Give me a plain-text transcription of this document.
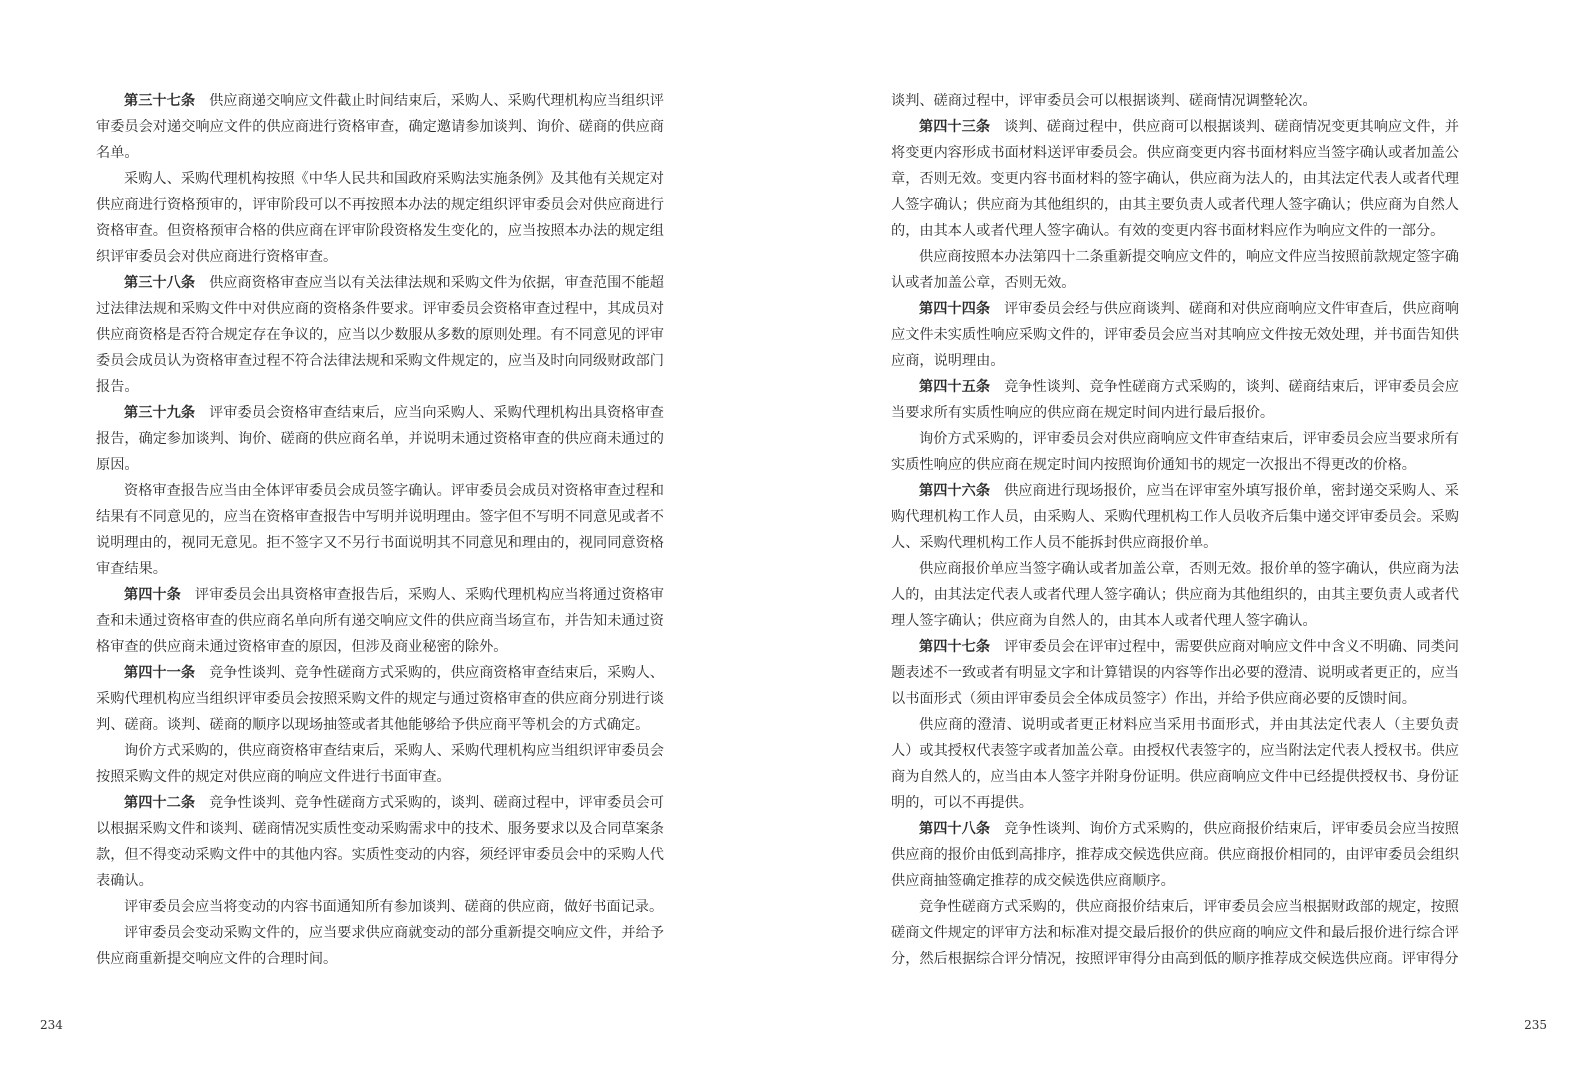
第三十七条 供应商递交响应文件截止时间结束后，采购人、采购代理机构应当组织评审委员会对递交响应文件的供应商进行资格审查，确定邀请参加谈判、询价、磋商的供应商名单。

采购人、采购代理机构按照《中华人民共和国政府采购法实施条例》及其他有关规定对供应商进行资格预审的，评审阶段可以不再按照本办法的规定组织评审委员会对供应商进行资格审查。但资格预审合格的供应商在评审阶段资格发生变化的，应当按照本办法的规定组织评审委员会对供应商进行资格审查。

第三十八条 供应商资格审查应当以有关法律法规和采购文件为依据，审查范围不能超过法律法规和采购文件中对供应商的资格条件要求。评审委员会资格审查过程中，其成员对供应商资格是否符合规定存在争议的，应当以少数服从多数的原则处理。有不同意见的评审委员会成员认为资格审查过程不符合法律法规和采购文件规定的，应当及时向同级财政部门报告。

第三十九条 评审委员会资格审查结束后，应当向采购人、采购代理机构出具资格审查报告，确定参加谈判、询价、磋商的供应商名单，并说明未通过资格审查的供应商未通过的原因。

资格审查报告应当由全体评审委员会成员签字确认。评审委员会成员对资格审查过程和结果有不同意见的，应当在资格审查报告中写明并说明理由。签字但不写明不同意见或者不说明理由的，视同无意见。拒不签字又不另行书面说明其不同意见和理由的，视同同意资格审查结果。

第四十条 评审委员会出具资格审查报告后，采购人、采购代理机构应当将通过资格审查和未通过资格审查的供应商名单向所有递交响应文件的供应商当场宣布，并告知未通过资格审查的供应商未通过资格审查的原因，但涉及商业秘密的除外。

第四十一条 竞争性谈判、竞争性磋商方式采购的，供应商资格审查结束后，采购人、采购代理机构应当组织评审委员会按照采购文件的规定与通过资格审查的供应商分别进行谈判、磋商。谈判、磋商的顺序以现场抽签或者其他能够给予供应商平等机会的方式确定。

询价方式采购的，供应商资格审查结束后，采购人、采购代理机构应当组织评审委员会按照采购文件的规定对供应商的响应文件进行书面审查。

第四十二条 竞争性谈判、竞争性磋商方式采购的，谈判、磋商过程中，评审委员会可以根据采购文件和谈判、磋商情况实质性变动采购需求中的技术、服务要求以及合同草案条款，但不得变动采购文件中的其他内容。实质性变动的内容，须经评审委员会中的采购人代表确认。

评审委员会应当将变动的内容书面通知所有参加谈判、磋商的供应商，做好书面记录。

评审委员会变动采购文件的，应当要求供应商就变动的部分重新提交响应文件，并给予供应商重新提交响应文件的合理时间。

234

谈判、磋商过程中，评审委员会可以根据谈判、磋商情况调整轮次。

第四十三条 谈判、磋商过程中，供应商可以根据谈判、磋商情况变更其响应文件，并将变更内容形成书面材料送评审委员会。供应商变更内容书面材料应当签字确认或者加盖公章，否则无效。变更内容书面材料的签字确认，供应商为法人的，由其法定代表人或者代理人签字确认；供应商为其他组织的，由其主要负责人或者代理人签字确认；供应商为自然人的，由其本人或者代理人签字确认。有效的变更内容书面材料应作为响应文件的一部分。

供应商按照本办法第四十二条重新提交响应文件的，响应文件应当按照前款规定签字确认或者加盖公章，否则无效。

第四十四条 评审委员会经与供应商谈判、磋商和对供应商响应文件审查后，供应商响应文件未实质性响应采购文件的，评审委员会应当对其响应文件按无效处理，并书面告知供应商，说明理由。

第四十五条 竞争性谈判、竞争性磋商方式采购的，谈判、磋商结束后，评审委员会应当要求所有实质性响应的供应商在规定时间内进行最后报价。

询价方式采购的，评审委员会对供应商响应文件审查结束后，评审委员会应当要求所有实质性响应的供应商在规定时间内按照询价通知书的规定一次报出不得更改的价格。

第四十六条 供应商进行现场报价，应当在评审室外填写报价单，密封递交采购人、采购代理机构工作人员，由采购人、采购代理机构工作人员收齐后集中递交评审委员会。采购人、采购代理机构工作人员不能拆封供应商报价单。

供应商报价单应当签字确认或者加盖公章，否则无效。报价单的签字确认，供应商为法人的，由其法定代表人或者代理人签字确认；供应商为其他组织的，由其主要负责人或者代理人签字确认；供应商为自然人的，由其本人或者代理人签字确认。

第四十七条 评审委员会在评审过程中，需要供应商对响应文件中含义不明确、同类问题表述不一致或者有明显文字和计算错误的内容等作出必要的澄清、说明或者更正的，应当以书面形式（须由评审委员会全体成员签字）作出，并给予供应商必要的反馈时间。

供应商的澄清、说明或者更正材料应当采用书面形式，并由其法定代表人（主要负责人）或其授权代表签字或者加盖公章。由授权代表签字的，应当附法定代表人授权书。供应商为自然人的，应当由本人签字并附身份证明。供应商响应文件中已经提供授权书、身份证明的，可以不再提供。

第四十八条 竞争性谈判、询价方式采购的，供应商报价结束后，评审委员会应当按照供应商的报价由低到高排序，推荐成交候选供应商。供应商报价相同的，由评审委员会组织供应商抽签确定推荐的成交候选供应商顺序。

竞争性磋商方式采购的，供应商报价结束后，评审委员会应当根据财政部的规定，按照磋商文件规定的评审方法和标准对提交最后报价的供应商的响应文件和最后报价进行综合评分，然后根据综合评分情况，按照评审得分由高到低的顺序推荐成交候选供应商。评审得分

235
